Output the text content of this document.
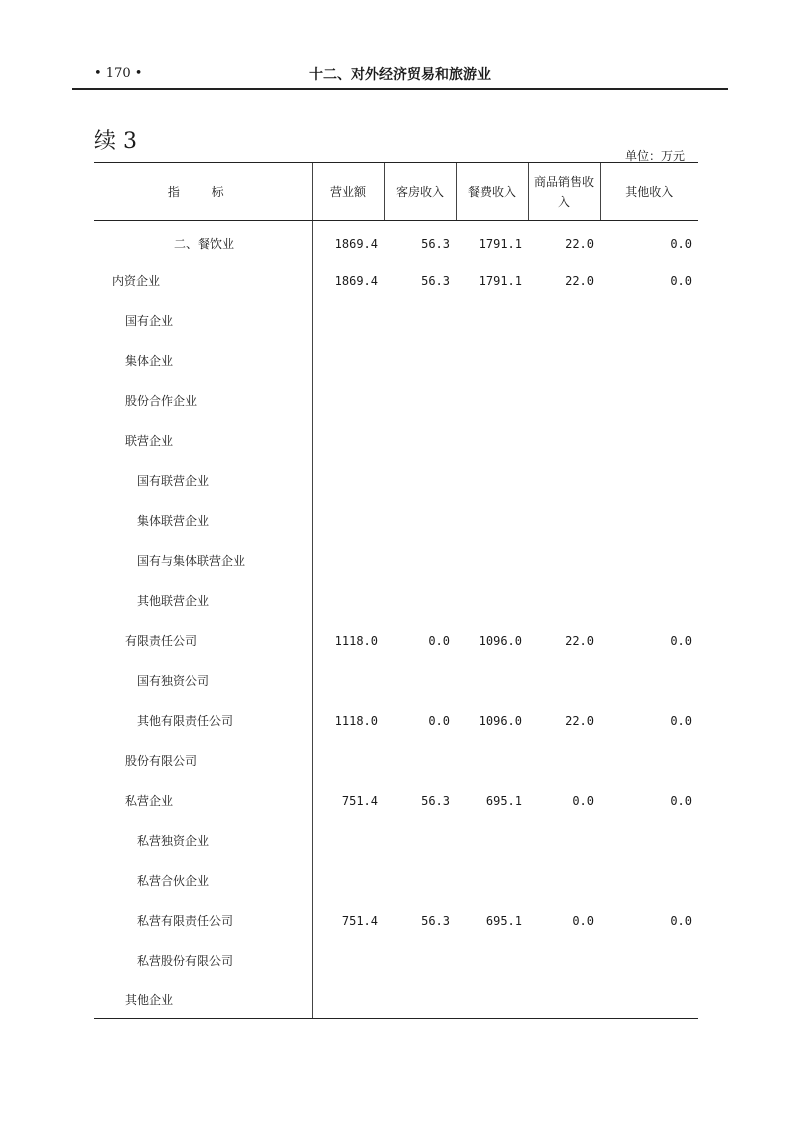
• 170 •	十二、对外经济贸易和旅游业
续 3
单位：万元
指 标	营业额	客房收入	餐费收入	商品销售收入	其他收入
二、餐饮业	1869.4	56.3	1791.1	22.0	0.0
内资企业	1869.4	56.3	1791.1	22.0	0.0
国有企业					
集体企业					
股份合作企业					
联营企业					
国有联营企业					
集体联营企业					
国有与集体联营企业					
其他联营企业					
有限责任公司	1118.0	0.0	1096.0	22.0	0.0
国有独资公司					
其他有限责任公司	1118.0	0.0	1096.0	22.0	0.0
股份有限公司					
私营企业	751.4	56.3	695.1	0.0	0.0
私营独资企业					
私营合伙企业					
私营有限责任公司	751.4	56.3	695.1	0.0	0.0
私营股份有限公司					
其他企业					
